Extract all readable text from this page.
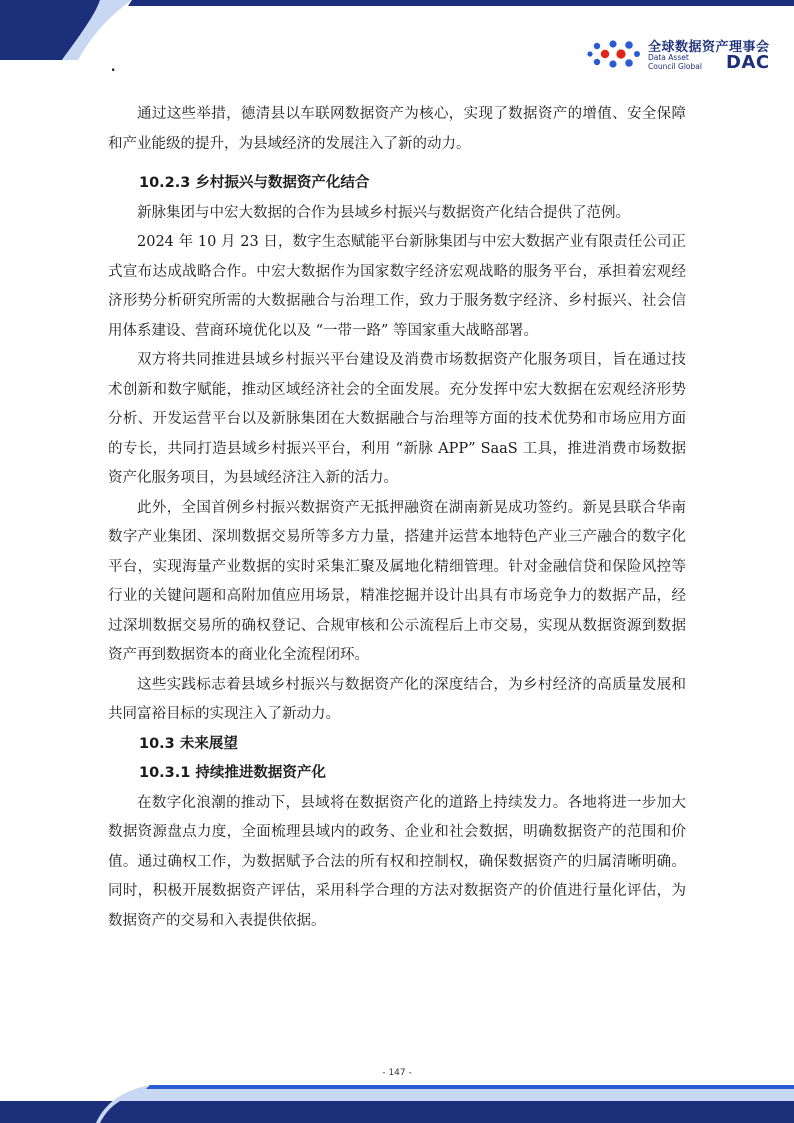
全球数据资产理事会
Data Asset
Council Global DAC
.

通过这些举措，德清县以车联网数据资产为核心，实现了数据资产的增值、安全保障和产业能级的提升，为县域经济的发展注入了新的动力。

10.2.3 乡村振兴与数据资产化结合

新脉集团与中宏大数据的合作为县域乡村振兴与数据资产化结合提供了范例。

2024 年 10 月 23 日，数字生态赋能平台新脉集团与中宏大数据产业有限责任公司正式宣布达成战略合作。中宏大数据作为国家数字经济宏观战略的服务平台，承担着宏观经济形势分析研究所需的大数据融合与治理工作，致力于服务数字经济、乡村振兴、社会信用体系建设、营商环境优化以及 “一带一路” 等国家重大战略部署。

双方将共同推进县域乡村振兴平台建设及消费市场数据资产化服务项目，旨在通过技术创新和数字赋能，推动区域经济社会的全面发展。充分发挥中宏大数据在宏观经济形势分析、开发运营平台以及新脉集团在大数据融合与治理等方面的技术优势和市场应用方面的专长，共同打造县域乡村振兴平台，利用 “新脉 APP” SaaS 工具，推进消费市场数据资产化服务项目，为县域经济注入新的活力。

此外，全国首例乡村振兴数据资产无抵押融资在湖南新晃成功签约。新晃县联合华南数字产业集团、深圳数据交易所等多方力量，搭建并运营本地特色产业三产融合的数字化平台，实现海量产业数据的实时采集汇聚及属地化精细管理。针对金融信贷和保险风控等行业的关键问题和高附加值应用场景，精准挖掘并设计出具有市场竞争力的数据产品，经过深圳数据交易所的确权登记、合规审核和公示流程后上市交易，实现从数据资源到数据资产再到数据资本的商业化全流程闭环。

这些实践标志着县域乡村振兴与数据资产化的深度结合，为乡村经济的高质量发展和共同富裕目标的实现注入了新动力。

10.3 未来展望

10.3.1 持续推进数据资产化

在数字化浪潮的推动下，县域将在数据资产化的道路上持续发力。各地将进一步加大数据资源盘点力度，全面梳理县域内的政务、企业和社会数据，明确数据资产的范围和价值。通过确权工作，为数据赋予合法的所有权和控制权，确保数据资产的归属清晰明确。同时，积极开展数据资产评估，采用科学合理的方法对数据资产的价值进行量化评估，为数据资产的交易和入表提供依据。

- 147 -
